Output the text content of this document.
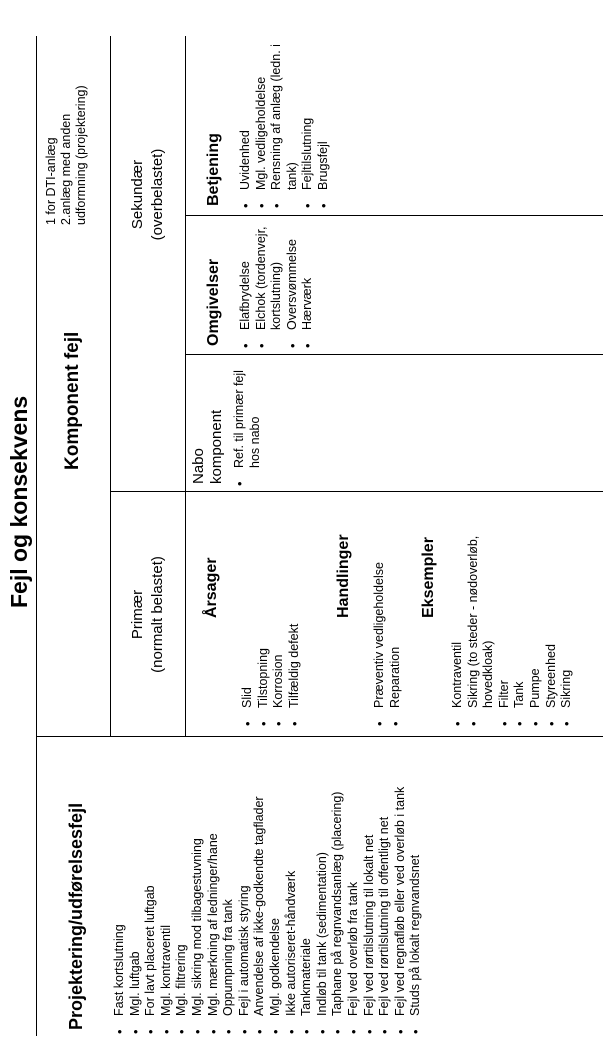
Fejl og konsekvens
1 for DTI-anlæg 2.anlæg med anden udformning (projektering)
Projektering/udførelsesfejl • Fast kortslutning • Mgl. luftgab • For lavt placeret luftgab • Mgl. kontraventil • Mgl. filtrering • Mgl. sikring mod tilbagestuvning • Mgl. mærkning af ledninger/hane • Oppumpning fra tank • Fejl i automatisk styring • Anvendelse af ikke-godkendte tagflader • Mgl. godkendelse • Ikke autoriseret-håndværk • Tankmateriale • Indløb til tank (sedimentation) • Taphane på regnvandsanlæg (placering) • Fejl ved overløb fra tank • Fejl ved rørtilslutning til lokalt net • Fejl ved rørtilslutning til offentligt net • Fejl ved regnafløb eller ved overløb i tank • Studs på lokalt regnvandsnet
Komponent fejl
Primær (normalt belastet) Årsager
• Slid • Tilstopning • Korrosion • Tilfældig defekt
Handlinger • Præventiv vedligeholdelse • Reparation
Eksempler
• Kontraventil • Sikring (to steder - nødoverløb, hovedkloak) • Filter • Tank • Pumpe • Styreenhed • Sikring
Nabo komponent • Ref. til primær fejl hos nabo
Sekundær (overbelastet)
Omgivelser • Elafbrydelse • Elchok (tordenvejr, kortslutning) • Oversvømmelse • Hærværk
Betjening • Uvidenhed • Mgl. vedligeholdelse • Rensning af anlæg (ledn. i tank) • Fejltilslutning • Brugsfejl
